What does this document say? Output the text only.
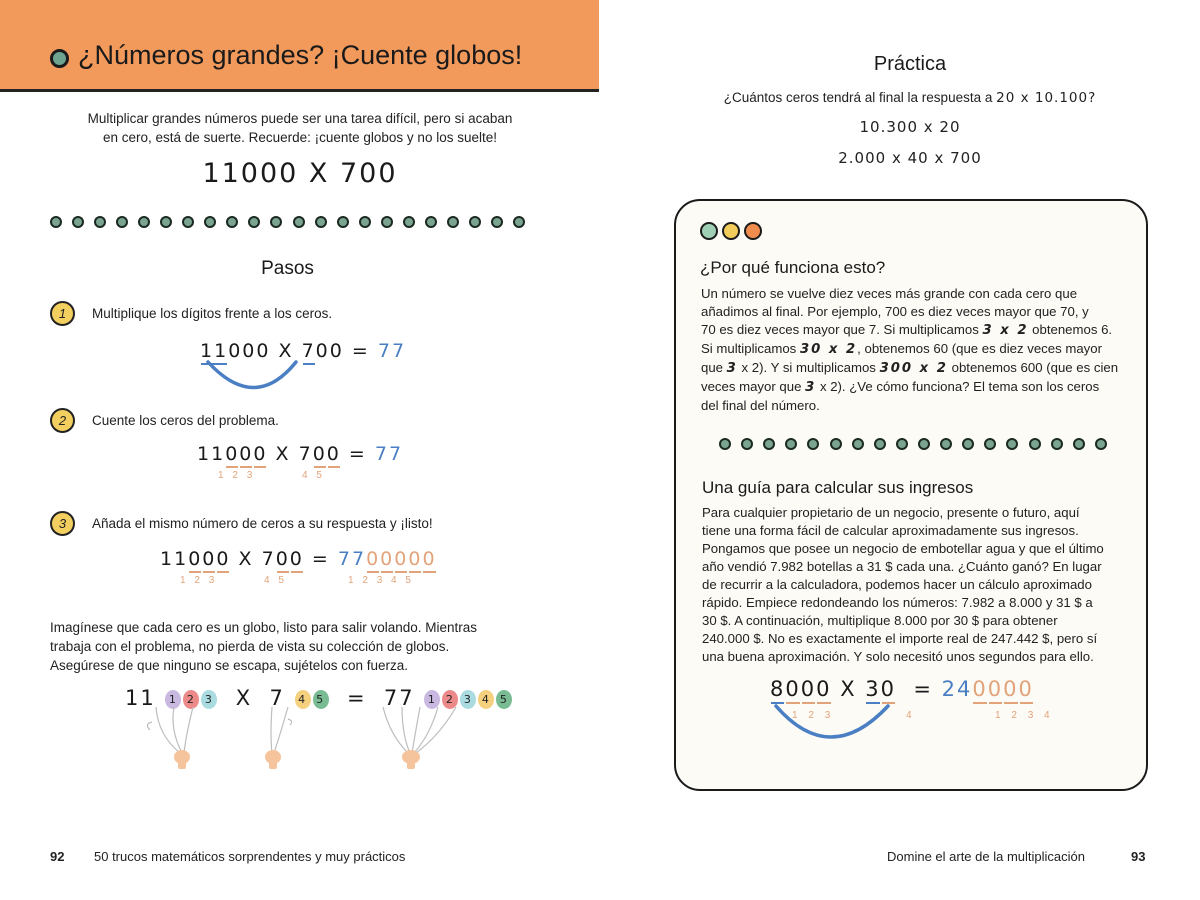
¿Números grandes? ¡Cuente globos!
Multiplicar grandes números puede ser una tarea difícil, pero si acaban
en cero, está de suerte. Recuerde: ¡cuente globos y no los suelte!
11000 X 700
Pasos
1	Multiplique los dígitos frente a los ceros.
11000 X 700 = 77
2	Cuente los ceros del problema.
11000 X 700 = 77
1 2 3	4 5
3	Añada el mismo número de ceros a su respuesta y ¡listo!
11000 X 700 = 7700000
1 2 3	4 5	1 2 3 4 5
Imagínese que cada cero es un globo, listo para salir volando. Mientras
trabaja con el problema, no pierda de vista su colección de globos.
Asegúrese de que ninguno se escapa, sujételos con fuerza.
11 1 2 3 X 7 4 5 = 77 1 2 3 4 5
92 50 trucos matemáticos sorprendentes y muy prácticos
Práctica
¿Cuántos ceros tendrá al final la respuesta a 20 x 10.100?
10.300 x 20
2.000 x 40 x 700
¿Por qué funciona esto?
Un número se vuelve diez veces más grande con cada cero que
añadimos al final. Por ejemplo, 700 es diez veces mayor que 70, y
70 es diez veces mayor que 7. Si multiplicamos 3 x 2 obtenemos 6.
Si multiplicamos 30 x 2, obtenemos 60 (que es diez veces mayor
que 3 x 2). Y si multiplicamos 300 x 2 obtenemos 600 (que es cien
veces mayor que 3 x 2). ¿Ve cómo funciona? El tema son los ceros
del final del número.
Una guía para calcular sus ingresos
Para cualquier propietario de un negocio, presente o futuro, aquí
tiene una forma fácil de calcular aproximadamente sus ingresos.
Pongamos que posee un negocio de embotellar agua y que el último
año vendió 7.982 botellas a 31 $ cada una. ¿Cuánto ganó? En lugar
de recurrir a la calculadora, podemos hacer un cálculo aproximado
rápido. Empiece redondeando los números: 7.982 a 8.000 y 31 $ a
30 $. A continuación, multiplique 8.000 por 30 $ para obtener
240.000 $. No es exactamente el importe real de 247.442 $, pero sí
una buena aproximación. Y solo necesitó unos segundos para ello.
8000 X 30 = 240000
1 2 3	4	1 2 3 4
Domine el arte de la multiplicación	93
